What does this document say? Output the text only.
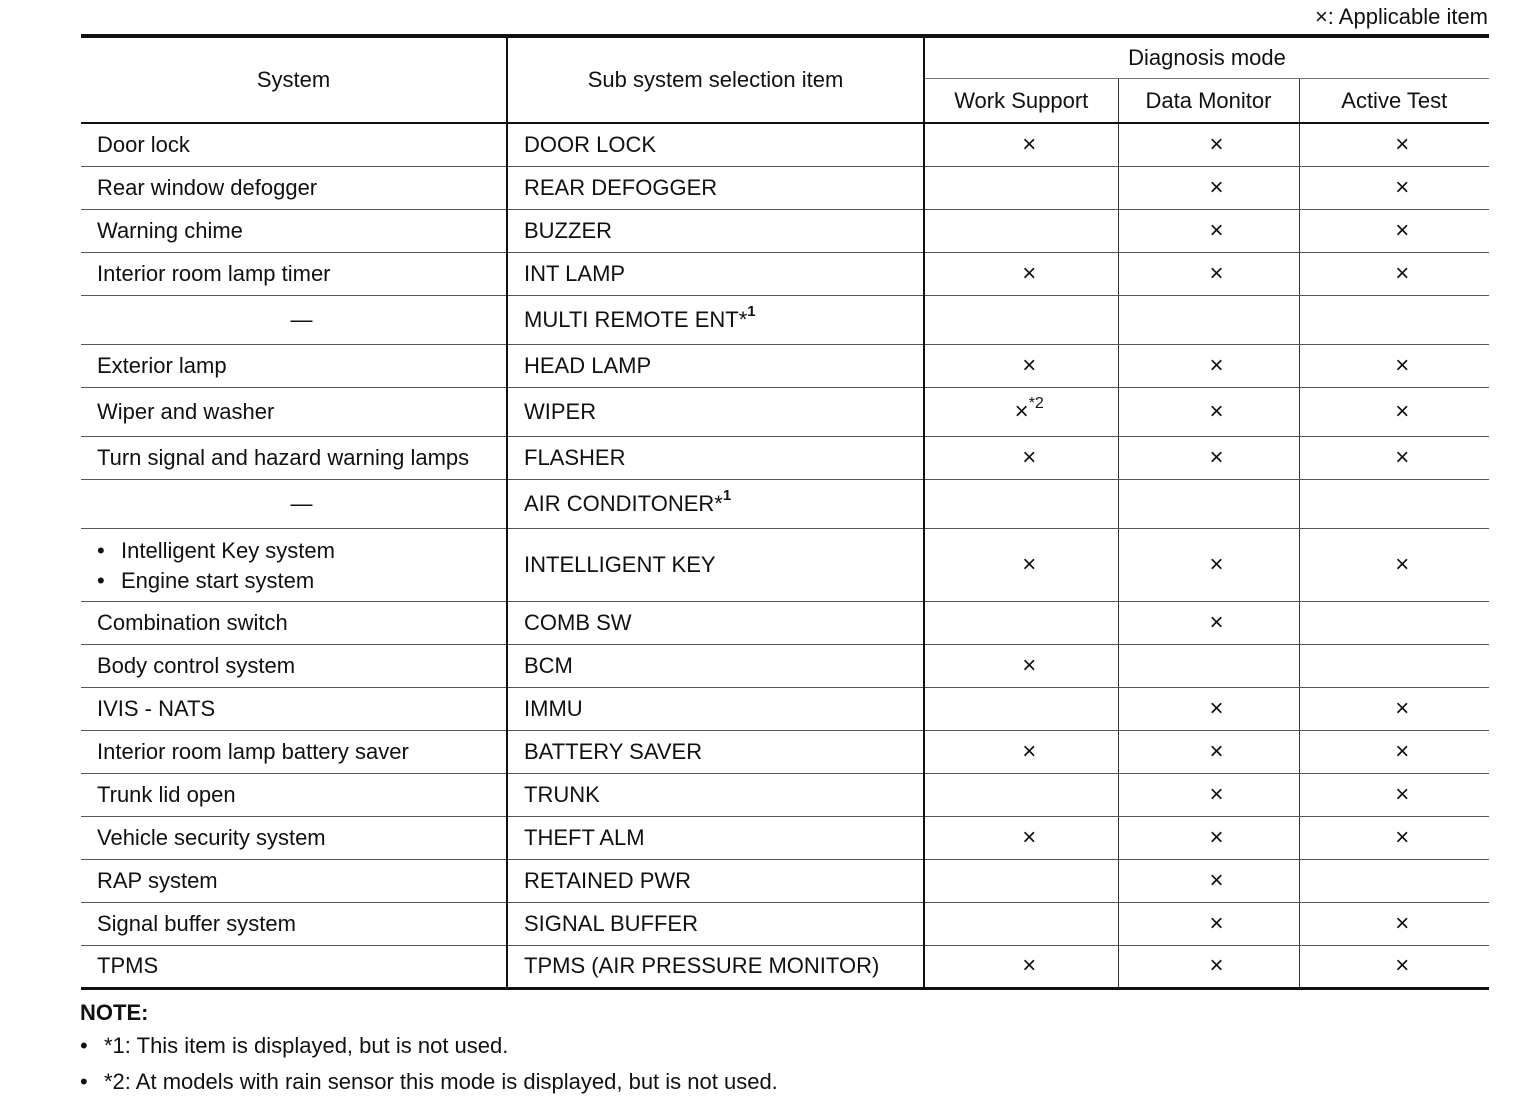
×: Applicable item
System	Sub system selection item	Diagnosis mode		
		Work Support	Data Monitor	Active Test
Door lock	DOOR LOCK	×	×	×
Rear window defogger	REAR DEFOGGER		×	×
Warning chime	BUZZER		×	×
Interior room lamp timer	INT LAMP	×	×	×
—	MULTI REMOTE ENT*$^1$			
Exterior lamp	HEAD LAMP	×	×	×
Wiper and washer	WIPER	×$^{*2}$	×	×
Turn signal and hazard warning lamps	FLASHER	×	×	×
—	AIR CONDITONER*$^1$			

• Intelligent Key system
• Engine start system	INTELLIGENT KEY	×	×	×
Combination switch	COMB SW		×	
Body control system	BCM	×		
IVIS - NATS	IMMU		×	×
Interior room lamp battery saver	BATTERY SAVER	×	×	×
Trunk lid open	TRUNK		×	×
Vehicle security system	THEFT ALM	×	×	×
RAP system	RETAINED PWR		×	
Signal buffer system	SIGNAL BUFFER		×	×
TPMS	TPMS (AIR PRESSURE MONITOR)	×	×	×
NOTE:
• *1: This item is displayed, but is not used.
• *2: At models with rain sensor this mode is displayed, but is not used.
